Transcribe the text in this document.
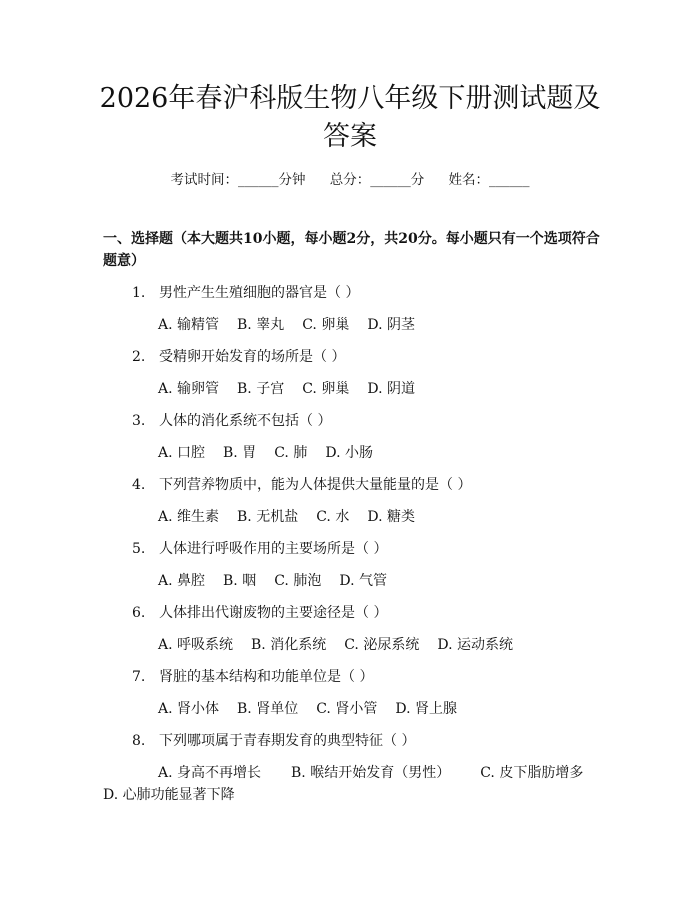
2026年春沪科版生物八年级下册测试题及答案
考试时间：______分钟 总分：______分 姓名：______
一、选择题（本大题共10小题，每小题2分，共20分。每小题只有一个选项符合题意）
1. 男性产生生殖细胞的器官是（ ）
A. 输精管 B. 睾丸 C. 卵巢 D. 阴茎
2. 受精卵开始发育的场所是（ ）
A. 输卵管 B. 子宫 C. 卵巢 D. 阴道
3. 人体的消化系统不包括（ ）
A. 口腔 B. 胃 C. 肺 D. 小肠
4. 下列营养物质中，能为人体提供大量能量的是（ ）
A. 维生素 B. 无机盐 C. 水 D. 糖类
5. 人体进行呼吸作用的主要场所是（ ）
A. 鼻腔 B. 咽 C. 肺泡 D. 气管
6. 人体排出代谢废物的主要途径是（ ）
A. 呼吸系统 B. 消化系统 C. 泌尿系统 D. 运动系统
7. 肾脏的基本结构和功能单位是（ ）
A. 肾小体 B. 肾单位 C. 肾小管 D. 肾上腺
8. 下列哪项属于青春期发育的典型特征（ ）
A. 身高不再增长 B. 喉结开始发育（男性） C. 皮下脂肪增多
D. 心肺功能显著下降
